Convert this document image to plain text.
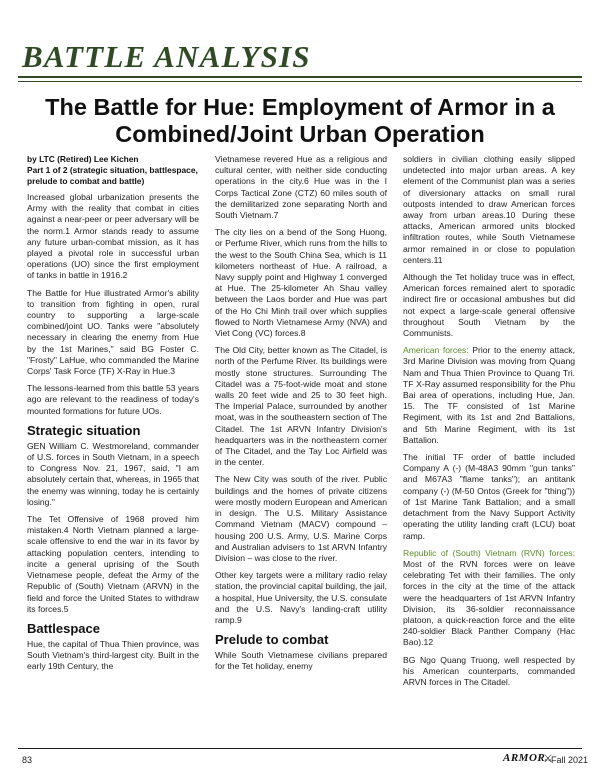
BATTLE ANALYSIS
The Battle for Hue: Employment of Armor in a Combined/Joint Urban Operation
by LTC (Retired) Lee Kichen
Part 1 of 2 (strategic situation, battlespace, prelude to combat and battle)

Increased global urbanization presents the Army with the reality that combat in cities against a near-peer or peer adversary will be the norm.1 Armor stands ready to assume any future urban-combat mission, as it has played a pivotal role in successful urban operations (UO) since the first employment of tanks in battle in 1916.2

The Battle for Hue illustrated Armor's ability to transition from fighting in open, rural country to supporting a large-scale combined/joint UO. Tanks were "absolutely necessary in clearing the enemy from Hue by the 1st Marines," said BG Foster C. "Frosty" LaHue, who commanded the Marine Corps' Task Force (TF) X-Ray in Hue.3

The lessons-learned from this battle 53 years ago are relevant to the readiness of today's mounted formations for future UOs.

Strategic situation

GEN William C. Westmoreland, commander of U.S. forces in South Vietnam, in a speech to Congress Nov. 21, 1967, said, "I am absolutely certain that, whereas, in 1965 that the enemy was winning, today he is certainly losing."

The Tet Offensive of 1968 proved him mistaken.4 North Vietnam planned a large-scale offensive to end the war in its favor by attacking population centers, intending to incite a general uprising of the South Vietnamese people, defeat the Army of the Republic of (South) Vietnam (ARVN) in the field and force the United States to withdraw its forces.5

Battlespace

Hue, the capital of Thua Thien province, was South Vietnam's third-largest city. Built in the early 19th Century, the

Vietnamese revered Hue as a religious and cultural center, with neither side conducting operations in the city.6 Hue was in the I Corps Tactical Zone (CTZ) 60 miles south of the demilitarized zone separating North and South Vietnam.7

The city lies on a bend of the Song Huong, or Perfume River, which runs from the hills to the west to the South China Sea, which is 11 kilometers northeast of Hue. A railroad, a Navy supply point and Highway 1 converged at Hue. The 25-kilometer Ah Shau valley between the Laos border and Hue was part of the Ho Chi Minh trail over which supplies flowed to North Vietnamese Army (NVA) and Viet Cong (VC) forces.8

The Old City, better known as The Citadel, is north of the Perfume River. Its buildings were mostly stone structures. Surrounding The Citadel was a 75-foot-wide moat and stone walls 20 feet wide and 25 to 30 feet high. The Imperial Palace, surrounded by another moat, was in the southeastern section of The Citadel. The 1st ARVN Infantry Division's headquarters was in the northeastern corner of The Citadel, and the Tay Loc Airfield was in the center.

The New City was south of the river. Public buildings and the homes of private citizens were mostly modern European and American in design. The U.S. Military Assistance Command Vietnam (MACV) compound – housing 200 U.S. Army, U.S. Marine Corps and Australian advisers to 1st ARVN Infantry Division – was close to the river.

Other key targets were a military radio relay station, the provincial capital building, the jail, a hospital, Hue University, the U.S. consulate and the U.S. Navy's landing-craft utility ramp.9

Prelude to combat

While South Vietnamese civilians prepared for the Tet holiday, enemy

soldiers in civilian clothing easily slipped undetected into major urban areas. A key element of the Communist plan was a series of diversionary attacks on small rural outposts intended to draw American forces away from urban areas.10 During these attacks, American armored units blocked infiltration routes, while South Vietnamese armor remained in or close to population centers.11

Although the Tet holiday truce was in effect, American forces remained alert to sporadic indirect fire or occasional ambushes but did not expect a large-scale general offensive throughout South Vietnam by the Communists.

American forces: Prior to the enemy attack, 3rd Marine Division was moving from Quang Nam and Thua Thien Province to Quang Tri. TF X-Ray assumed responsibility for the Phu Bai area of operations, including Hue, Jan. 15. The TF consisted of 1st Marine Regiment, with its 1st and 2nd Battalions, and 5th Marine Regiment, with its 1st Battalion.

The initial TF order of battle included Company A (-) (M-48A3 90mm "gun tanks" and M67A3 "flame tanks"); an antitank company (-) (M-50 Ontos (Greek for "thing")) of 1st Marine Tank Battalion; and a small detachment from the Navy Support Activity operating the utility landing craft (LCU) boat ramp.

Republic of (South) Vietnam (RVN) forces: Most of the RVN forces were on leave celebrating Tet with their families. The only forces in the city at the time of the attack were the headquarters of 1st ARVN Infantry Division, its 36-soldier reconnaissance platoon, a quick-reaction force and the elite 240-soldier Black Panther Company (Hac Bao).12

BG Ngo Quang Truong, well respected by his American counterparts, commanded ARVN forces in The Citadel.

83	ARMOR
⚔
Fall 2021
